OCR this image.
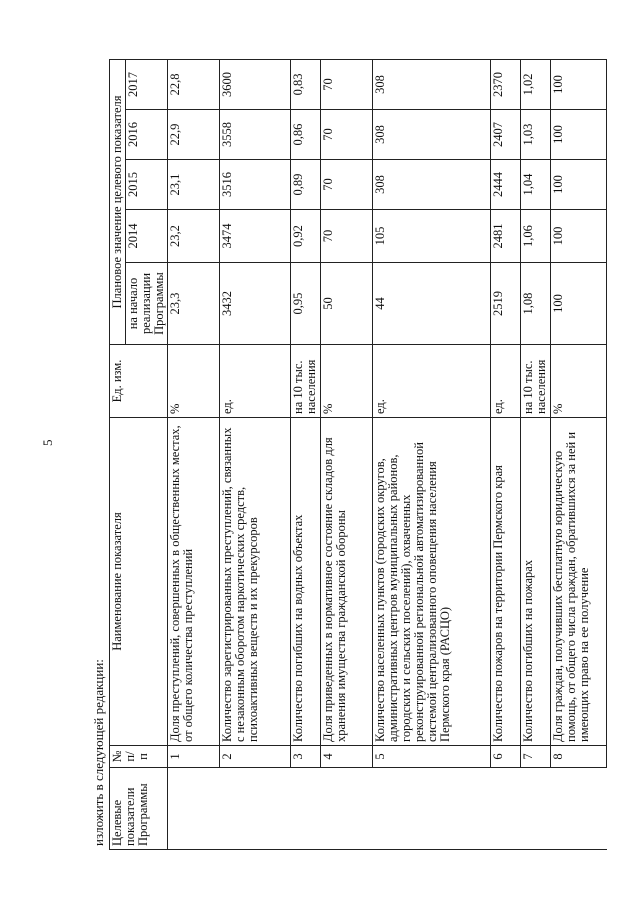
5
изложить в следующей редакции: Целевые показатели Программы	№ п/п	Наименование показателя	Ед. изм.	Плановое значение целевого показателя				
				на начало реализации Программы	2014	2015	2016	2017
	1	Доля преступлений, совершенных в общественных местах, от общего количества преступлений	%	23,3	23,2	23,1	22,9	22,8
	2	Количество зарегистрированных преступлений, связанных с незаконным оборотом наркотических средств, психоактивных веществ и их прекурсоров	ед.	3432	3474	3516	3558	3600
	3	Количество погибших на водных объектах	на 10 тыс. населения	0,95	0,92	0,89	0,86	0,83
	4	Доля приведенных в нормативное состояние складов для хранения имущества гражданской обороны	%	50	70	70	70	70
	5	Количество населенных пунктов (городских округов, административных центров муниципальных районов, городских и сельских поселений), охваченных реконструированной региональной автоматизированной системой централизованного оповещения населения Пермского края (РАСЦО)	ед.	44	105	308	308	308
	6	Количество пожаров на территории Пермского края	ед.	2519	2481	2444	2407	2370
	7	Количество погибших на пожарах	на 10 тыс. населения	1,08	1,06	1,04	1,03	1,02
	8	Доля граждан, получивших бесплатную юридическую помощь, от общего числа граждан, обратившихся за ней и имеющих право на ее получение	%	100	100	100	100	100
